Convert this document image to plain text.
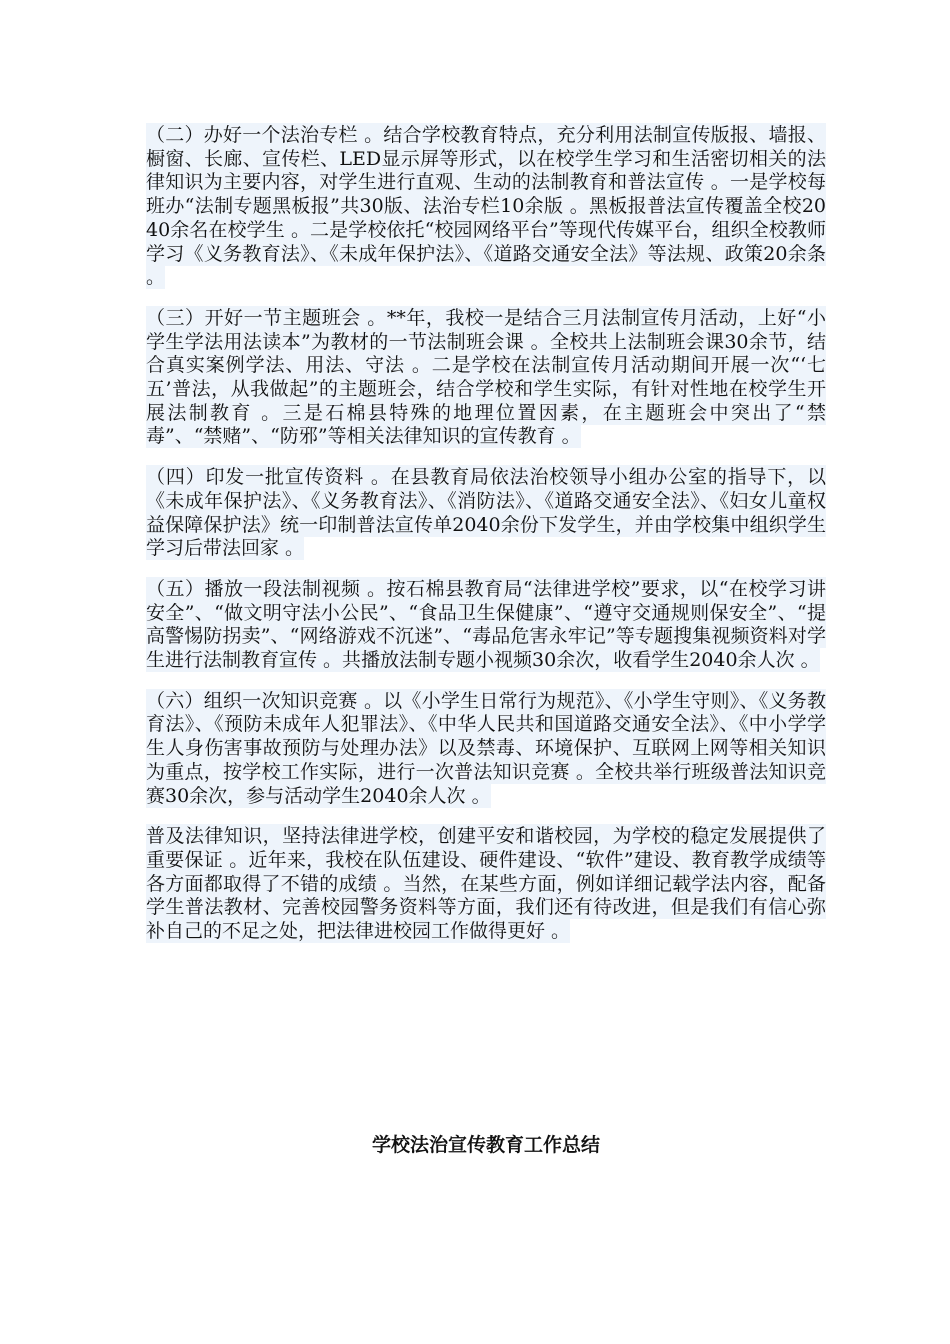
（二）办好一个法治专栏 。结合学校教育特点，充分利用法制宣传版报、墙报、橱窗、长廊、宣传栏、LED显示屏等形式，以在校学生学习和生活密切相关的法律知识为主要内容，对学生进行直观、生动的法制教育和普法宣传 。一是学校每班办“法制专题黑板报”共30版、法治专栏10余版 。黑板报普法宣传覆盖全校2040余名在校学生 。二是学校依托“校园网络平台”等现代传媒平台，组织全校教师学习《义务教育法》、《未成年保护法》、《道路交通安全法》等法规、政策20余条 。

（三）开好一节主题班会 。**年，我校一是结合三月法制宣传月活动，上好“小学生学法用法读本”为教材的一节法制班会课 。全校共上法制班会课30余节，结合真实案例学法、用法、守法 。二是学校在法制宣传月活动期间开展一次“‘七五’普法，从我做起”的主题班会，结合学校和学生实际，有针对性地在校学生开展法制教育 。三是石棉县特殊的地理位置因素，在主题班会中突出了“禁毒”、“禁赌”、“防邪”等相关法律知识的宣传教育 。

（四）印发一批宣传资料 。在县教育局依法治校领导小组办公室的指导下，以《未成年保护法》、《义务教育法》、《消防法》、《道路交通安全法》、《妇女儿童权益保障保护法》统一印制普法宣传单2040余份下发学生，并由学校集中组织学生学习后带法回家 。

（五）播放一段法制视频 。按石棉县教育局“法律进学校”要求，以“在校学习讲安全”、“做文明守法小公民”、“食品卫生保健康”、“遵守交通规则保安全”、“提高警惕防拐卖”、“网络游戏不沉迷”、“毒品危害永牢记”等专题搜集视频资料对学生进行法制教育宣传 。共播放法制专题小视频30余次，收看学生2040余人次 。

（六）组织一次知识竞赛 。以《小学生日常行为规范》、《小学生守则》、《义务教育法》、《预防未成年人犯罪法》、《中华人民共和国道路交通安全法》、《中小学学生人身伤害事故预防与处理办法》以及禁毒、环境保护、互联网上网等相关知识为重点，按学校工作实际，进行一次普法知识竞赛 。全校共举行班级普法知识竞赛30余次，参与活动学生2040余人次 。

普及法律知识，坚持法律进学校，创建平安和谐校园，为学校的稳定发展提供了重要保证 。近年来，我校在队伍建设、硬件建设、“软件”建设、教育教学成绩等各方面都取得了不错的成绩 。当然，在某些方面，例如详细记载学法内容，配备学生普法教材、完善校园警务资料等方面，我们还有待改进，但是我们有信心弥补自己的不足之处，把法律进校园工作做得更好 。

学校法治宣传教育工作总结
